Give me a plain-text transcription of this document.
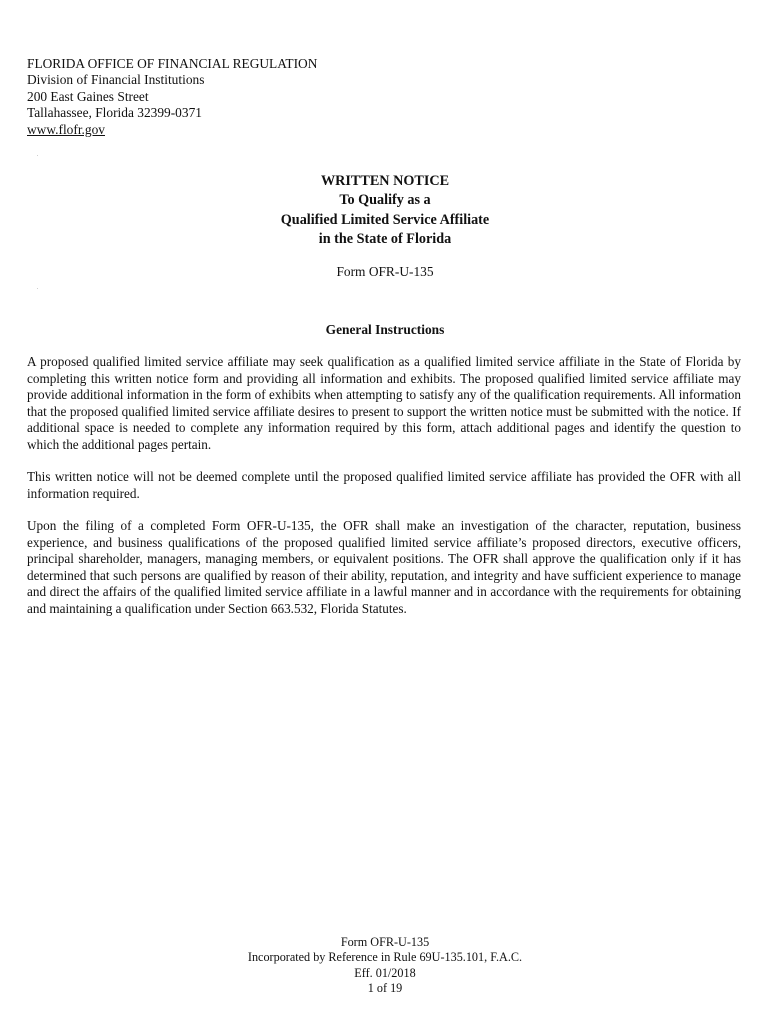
FLORIDA OFFICE OF FINANCIAL REGULATION
Division of Financial Institutions
200 East Gaines Street
Tallahassee, Florida 32399-0371
www.flofr.gov
WRITTEN NOTICE
To Qualify as a
Qualified Limited Service Affiliate
in the State of Florida
Form OFR-U-135
General Instructions

A proposed qualified limited service affiliate may seek qualification as a qualified limited service affiliate in the State of Florida by completing this written notice form and providing all information and exhibits. The proposed qualified limited service affiliate may provide additional information in the form of exhibits when attempting to satisfy any of the qualification requirements. All information that the proposed qualified limited service affiliate desires to present to support the written notice must be submitted with the notice. If additional space is needed to complete any information required by this form, attach additional pages and identify the question to which the additional pages pertain.

This written notice will not be deemed complete until the proposed qualified limited service affiliate has provided the OFR with all information required.

Upon the filing of a completed Form OFR-U-135, the OFR shall make an investigation of the character, reputation, business experience, and business qualifications of the proposed qualified limited service affiliate’s proposed directors, executive officers, principal shareholder, managers, managing members, or equivalent positions. The OFR shall approve the qualification only if it has determined that such persons are qualified by reason of their ability, reputation, and integrity and have sufficient experience to manage and direct the affairs of the qualified limited service affiliate in a lawful manner and in accordance with the requirements for obtaining and maintaining a qualification under Section 663.532, Florida Statutes.

Form OFR-U-135
Incorporated by Reference in Rule 69U-135.101, F.A.C.
Eff. 01/2018
1 of 19
